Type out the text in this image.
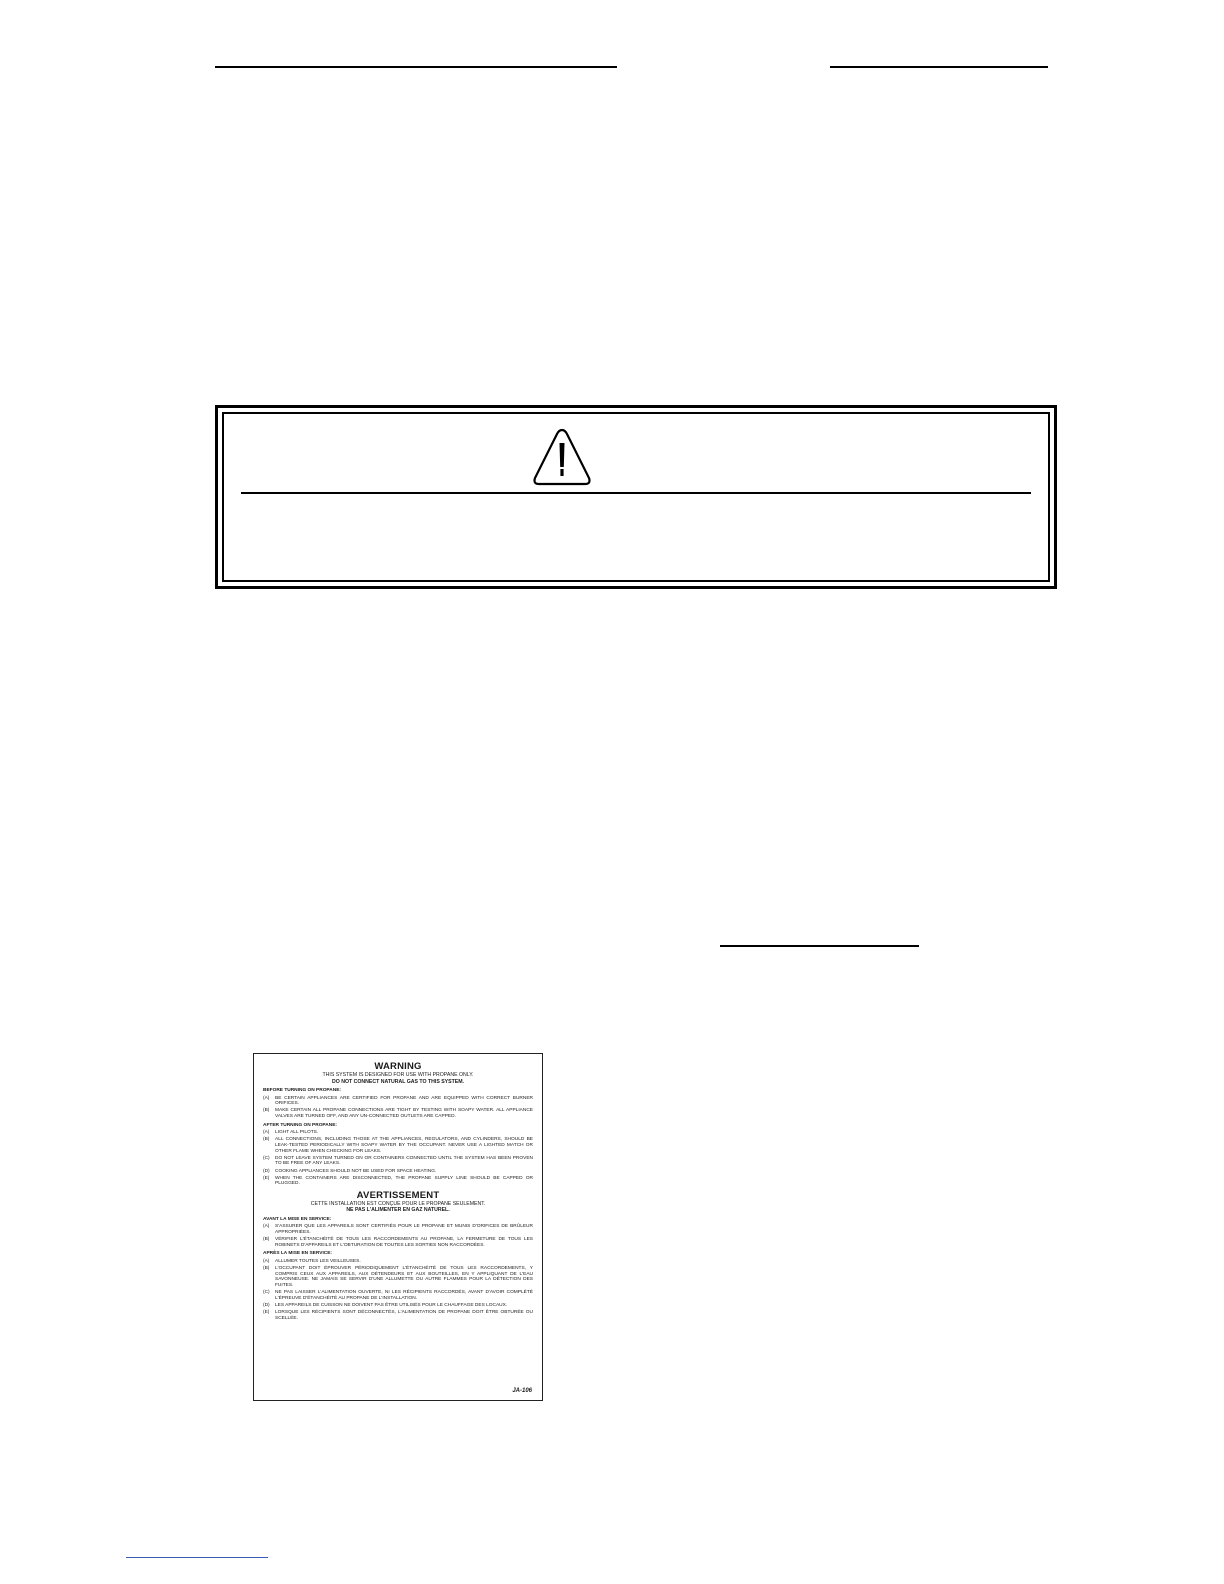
WARNING
THIS SYSTEM IS DESIGNED FOR USE WITH PROPANE ONLY.
DO NOT CONNECT NATURAL GAS TO THIS SYSTEM.
BEFORE TURNING ON PROPANE:
(A)	BE CERTAIN APPLIANCES ARE CERTIFIED FOR PROPANE AND ARE EQUIPPED WITH CORRECT BURNER ORIFICES.
(B)	MAKE CERTAIN ALL PROPANE CONNECTIONS ARE TIGHT BY TESTING WITH SOAPY WATER. ALL APPLIANCE VALVES ARE TURNED OFF, AND ANY UN-CONNECTED OUTLETS ARE CAPPED.
AFTER TURNING ON PROPANE:
(A)	LIGHT ALL PILOTS.
(B)	ALL CONNECTIONS, INCLUDING THOSE AT THE APPLIANCES, REGULATORS, AND CYLINDERS, SHOULD BE LEAK-TESTED PERIODICALLY WITH SOAPY WATER BY THE OCCUPANT. NEVER USE A LIGHTED MATCH OR OTHER FLAME WHEN CHECKING FOR LEAKS.
(C)	DO NOT LEAVE SYSTEM TURNED ON OR CONTAINERS CONNECTED UNTIL THE SYSTEM HAS BEEN PROVEN TO BE FREE OF ANY LEAKS.
(D)	COOKING APPLIANCES SHOULD NOT BE USED FOR SPACE HEATING.
(E)	WHEN THE CONTAINERS ARE DISCONNECTED, THE PROPANE SUPPLY LINE SHOULD BE CAPPED OR PLUGGED.
AVERTISSEMENT
CETTE INSTALLATION EST CONÇUE POUR LE PROPANE SEULEMENT.
NE PAS L'ALIMENTER EN GAZ NATUREL.
AVANT LA MISE EN SERVICE:
(A)	S'ASSURER QUE LES APPAREILS SONT CERTIFIÉS POUR LE PROPANE ET MUNIS D'ORIFICES DE BRÛLEUR APPROPRIÉES.
(B)	VÉRIFIER L'ÉTANCHÉITÉ DE TOUS LES RACCORDEMENTS AU PROPANE, LA FERMETURE DE TOUS LES ROBINETS D'APPAREILS ET L'OBTURATION DE TOUTES LES SORTIES NON RACCORDÉES.
APRÈS LA MISE EN SERVICE:
(A)	ALLUMER TOUTES LES VEILLEUSES.
(B)	L'OCCUPANT DOIT ÉPROUVER PÉRIODIQUEMENT L'ÉTANCHÉITÉ DE TOUS LES RACCORDEMENTS, Y COMPRIS CEUX AUX APPAREILS, AUX DÉTENDEURS ET AUX BOUTEILLES, EN Y APPLIQUANT DE L'EAU SAVONNEUSE. NE JAMAIS SE SERVIR D'UNE ALLUMETTE OU AUTRE FLAMMES POUR LA DÉTECTION DES FUITES.
(C)	NE PAS LAISSER L'ALIMENTATION OUVERTE, NI LES RÉCIPIENTS RACCORDÉS, AVANT D'AVOIR COMPLÉTÉ L'ÉPREUVE D'ÉTANCHÉITÉ AU PROPANE DE L'INSTALLATION.
(D)	LES APPAREILS DE CUISSON NE DOIVENT PAS ÊTRE UTILISÉS POUR LE CHAUFFAGE DES LOCAUX.
(E)	LORSQUE LES RÉCIPIENTS SONT DÉCONNECTÉS, L'ALIMENTATION DE PROPANE DOIT ÊTRE OBTURÉE OU SCELLÉE.
JA-106
